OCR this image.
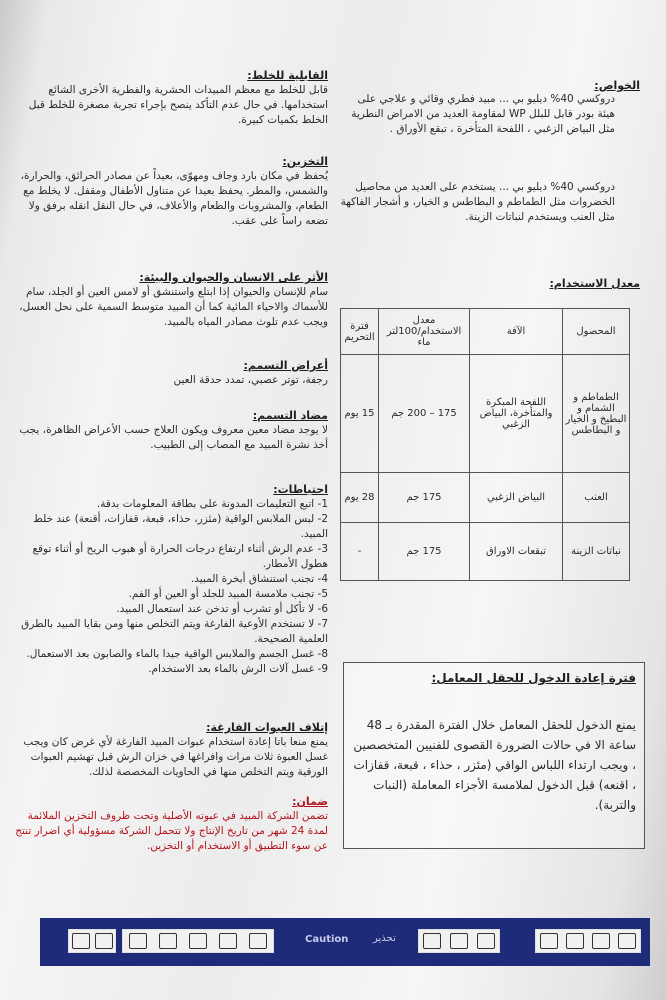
القابلية للخلط:

قابل للخلط مع معظم المبيدات الحشرية والفطرية الأخرى الشائع استخدامها. في حال عدم التأكد ينصح بإجراء تجربة مصغرة للخلط قبل الخلط بكميات كبيرة.

التخزين:

يُحفظ في مكان بارد وجاف ومهوّى، بعيداً عن مصادر الحرائق، والحرارة، والشمس، والمطر. يحفظ بعيدا عن متناول الأطفال ومقفل. لا يخلط مع الطعام، والمشروبات والطعام والأعلاف، في حال النقل انقله برفق ولا تضعه راساً على عقب.

الأثر على الانسان والحيوان والبيئة:

سام للإنسان والحيوان إذا ابتلع واستنشق أو لامس العين أو الجلد، سام للأسماك والاحياء المائية كما أن المبيد متوسط السمية على نحل العسل، ويجب عدم تلوث مصادر المياه بالمبيد.

أعراض التسمم:

رجفة، توتر عصبي، تمدد حدقة العين

مضاد التسمم:

لا يوجد مضاد معين معروف ويكون العلاج حسب الأعراض الظاهرة، يجب أخذ نشرة المبيد مع المصاب إلى الطبيب.

احتياطات:

1- اتبع التعليمات المدونة على بطاقة المعلومات بدقة.

2- لبس الملابس الواقية (مئزر، حذاء، قبعة، قفازات، أقنعة) عند خلط المبيد.

3- عدم الرش أثناء ارتفاع درجات الحرارة أو هبوب الريح أو أثناء توقع هطول الأمطار.

4- تجنب استنشاق أبخرة المبيد.

5- تجنب ملامسة المبيد للجلد أو العين أو الفم.

6- لا تأكل أو تشرب أو تدخن عند استعمال المبيد.

7- لا تستخدم الأوعية الفارغة ويتم التخلص منها ومن بقايا المبيد بالطرق العلمية الصحيحة.

8- غسل الجسم والملابس الواقية جيدا بالماء والصابون بعد الاستعمال.

9- غسل آلات الرش بالماء بعد الاستخدام.

إتلاف العبوات الفارغة:

يمنع منعا باتا إعادة استخدام عبوات المبيد الفارغة لأي غرض كان ويجب غسل العبوة ثلاث مرات وافراغها في خزان الرش قبل تهشيم العبوات الورقية ويتم التخلص منها في الحاويات المخصصة لذلك.

ضمان:

تضمن الشركة المبيد في عبوته الأصلية وتحت ظروف التخزين الملائمة لمدة 24 شهر من تاريخ الإنتاج ولا تتحمل الشركة مسؤولية أي اضرار تنتج عن سوء التطبيق أو الاستخدام أو التخزين.

الخواص:

دروكسي 40% ديليو بي ... مبيد فطري وقائي و علاجي على هيئة بودر قابل للبلل WP لمقاومة العديد من الامراض النطرية مثل البياض الزغبي ، اللفحة المتأخرة ، تبقع الأوراق .

دروكسي 40% ديليو بي ... يستخدم على العديد من محاصيل الخضروات مثل الطماطم و البطاطس و الخيار، و أشجار الفاكهة مثل العنب ويستخدم لنباتات الزينة.

معدل الاستخدام:

المحصول	الآفة	معدل الاستخدام/100لتر ماء	فترة التحريم
الطماطم و الشمام و البطيخ و الخيار و البطاطس	اللفحة المبكرة والمتأخرة، البياض الزغبي	175 – 200 جم	15 يوم
العنب	البياض الزغبي	175 جم	28 يوم
نباتات الزينة	تبقعات الاوراق	175 جم	-

فترة إعادة الدخول للحقل المعامل:

يمنع الدخول للحقل المعامل خلال الفترة المقدرة بـ 48 ساعة الا في حالات الضرورة القصوى للفنيين المتخصصين ، ويجب ارتداء اللباس الواقي (مئزر ، حذاء ، قبعة، قفازات ، اقنعه) قبل الدخول لملامسة الأجزاء المعاملة (النبات والتربة).

Caution تحذير
